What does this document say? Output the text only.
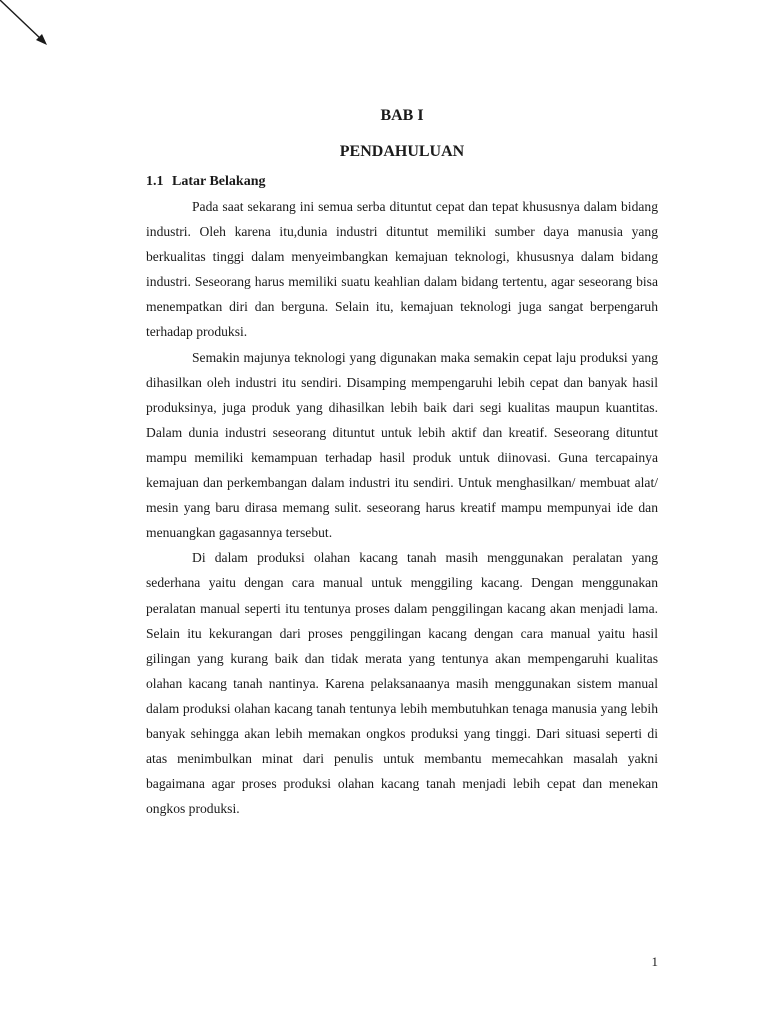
BAB I
PENDAHULUAN
1.1 Latar Belakang

Pada saat sekarang ini semua serba dituntut cepat dan tepat khususnya dalam bidang industri. Oleh karena itu,dunia industri dituntut memiliki sumber daya manusia yang berkualitas tinggi dalam menyeimbangkan kemajuan teknologi, khususnya dalam bidang industri. Seseorang harus memiliki suatu keahlian dalam bidang tertentu, agar seseorang bisa menempatkan diri dan berguna. Selain itu, kemajuan teknologi juga sangat berpengaruh terhadap produksi.

Semakin majunya teknologi yang digunakan maka semakin cepat laju produksi yang dihasilkan oleh industri itu sendiri. Disamping mempengaruhi lebih cepat dan banyak hasil produksinya, juga produk yang dihasilkan lebih baik dari segi kualitas maupun kuantitas. Dalam dunia industri seseorang dituntut untuk lebih aktif dan kreatif. Seseorang dituntut mampu memiliki kemampuan terhadap hasil produk untuk diinovasi. Guna tercapainya kemajuan dan perkembangan dalam industri itu sendiri. Untuk menghasilkan/ membuat alat/ mesin yang baru dirasa memang sulit. seseorang harus kreatif mampu mempunyai ide dan menuangkan gagasannya tersebut.

Di dalam produksi olahan kacang tanah masih menggunakan peralatan yang sederhana yaitu dengan cara manual untuk menggiling kacang. Dengan menggunakan peralatan manual seperti itu tentunya proses dalam penggilingan kacang akan menjadi lama. Selain itu kekurangan dari proses penggilingan kacang dengan cara manual yaitu hasil gilingan yang kurang baik dan tidak merata yang tentunya akan mempengaruhi kualitas olahan kacang tanah nantinya. Karena pelaksanaanya masih menggunakan sistem manual dalam produksi olahan kacang tanah tentunya lebih membutuhkan tenaga manusia yang lebih banyak sehingga akan lebih memakan ongkos produksi yang tinggi. Dari situasi seperti di atas menimbulkan minat dari penulis untuk membantu memecahkan masalah yakni bagaimana agar proses produksi olahan kacang tanah menjadi lebih cepat dan menekan ongkos produksi.

1
